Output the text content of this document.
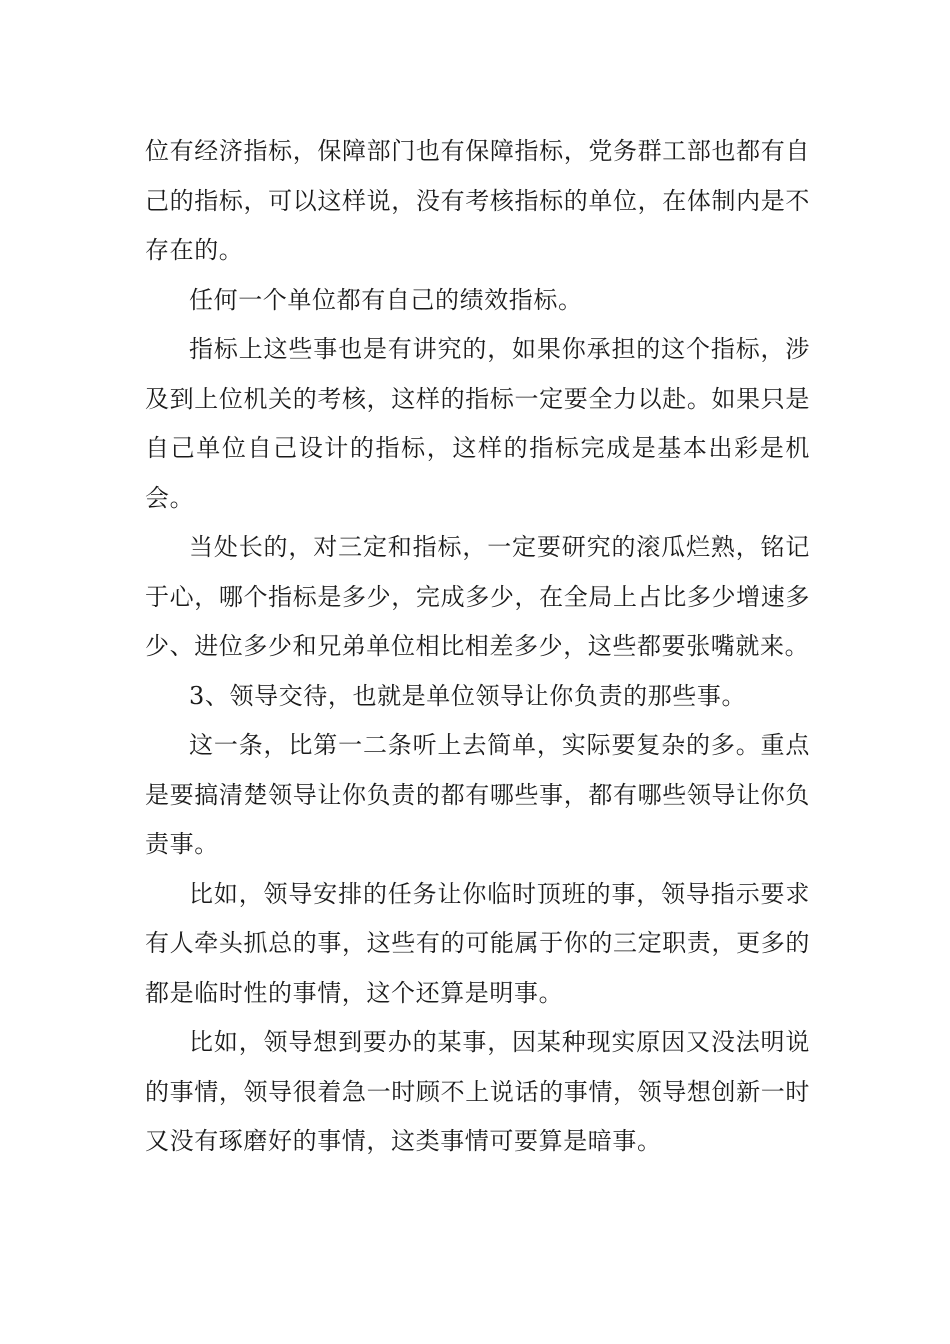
位有经济指标，保障部门也有保障指标，党务群工部也都有自己的指标，可以这样说，没有考核指标的单位，在体制内是不存在的。

任何一个单位都有自己的绩效指标。

指标上这些事也是有讲究的，如果你承担的这个指标，涉及到上位机关的考核，这样的指标一定要全力以赴。如果只是自己单位自己设计的指标，这样的指标完成是基本出彩是机会。

当处长的，对三定和指标，一定要研究的滚瓜烂熟，铭记于心，哪个指标是多少，完成多少，在全局上占比多少增速多少、进位多少和兄弟单位相比相差多少，这些都要张嘴就来。

3、领导交待，也就是单位领导让你负责的那些事。

这一条，比第一二条听上去简单，实际要复杂的多。重点是要搞清楚领导让你负责的都有哪些事，都有哪些领导让你负责事。

比如，领导安排的任务让你临时顶班的事，领导指示要求有人牵头抓总的事，这些有的可能属于你的三定职责，更多的都是临时性的事情，这个还算是明事。

比如，领导想到要办的某事，因某种现实原因又没法明说的事情，领导很着急一时顾不上说话的事情，领导想创新一时又没有琢磨好的事情，这类事情可要算是暗事。
